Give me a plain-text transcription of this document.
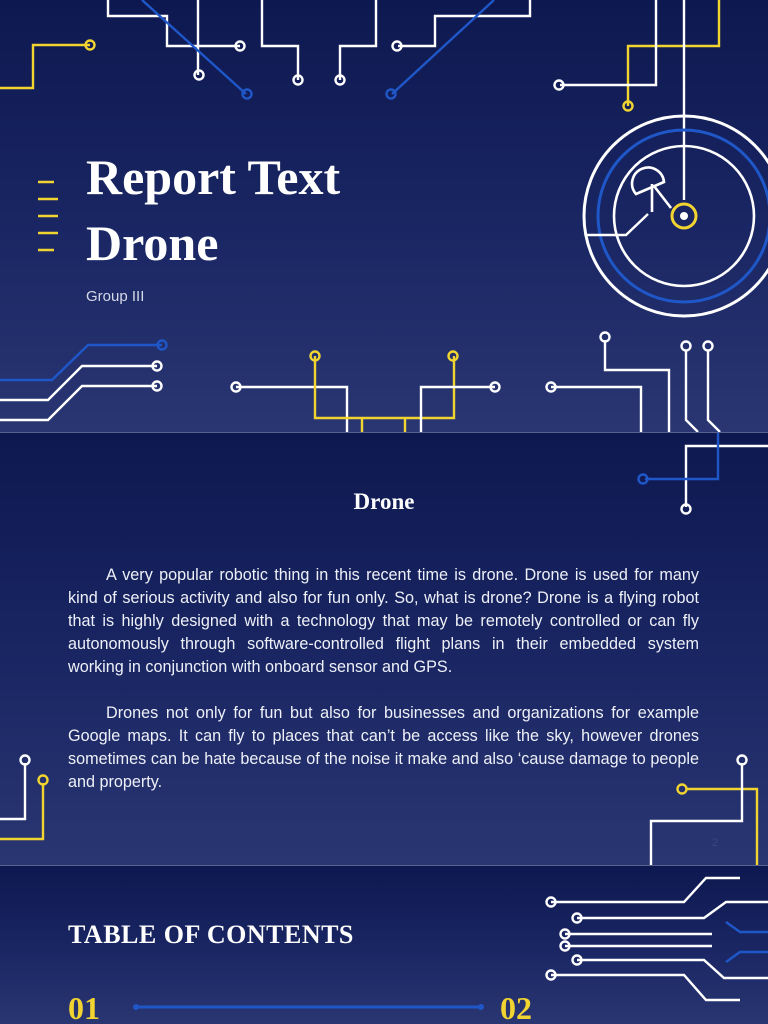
Report Text
Drone
Group III
Drone

A very popular robotic thing in this recent time is drone. Drone is used for many kind of serious activity and also for fun only. So, what is drone? Drone is a flying robot that is highly designed with a technology that may be remotely controlled or can fly autonomously through software-controlled flight plans in their embedded system working in conjunction with onboard sensor and GPS.

Drones not only for fun but also for businesses and organizations for example Google maps. It can fly to places that can’t be access like the sky, however drones sometimes can be hate because of the noise it make and also ‘cause damage to people and property.

2
TABLE OF CONTENTS
01	02
